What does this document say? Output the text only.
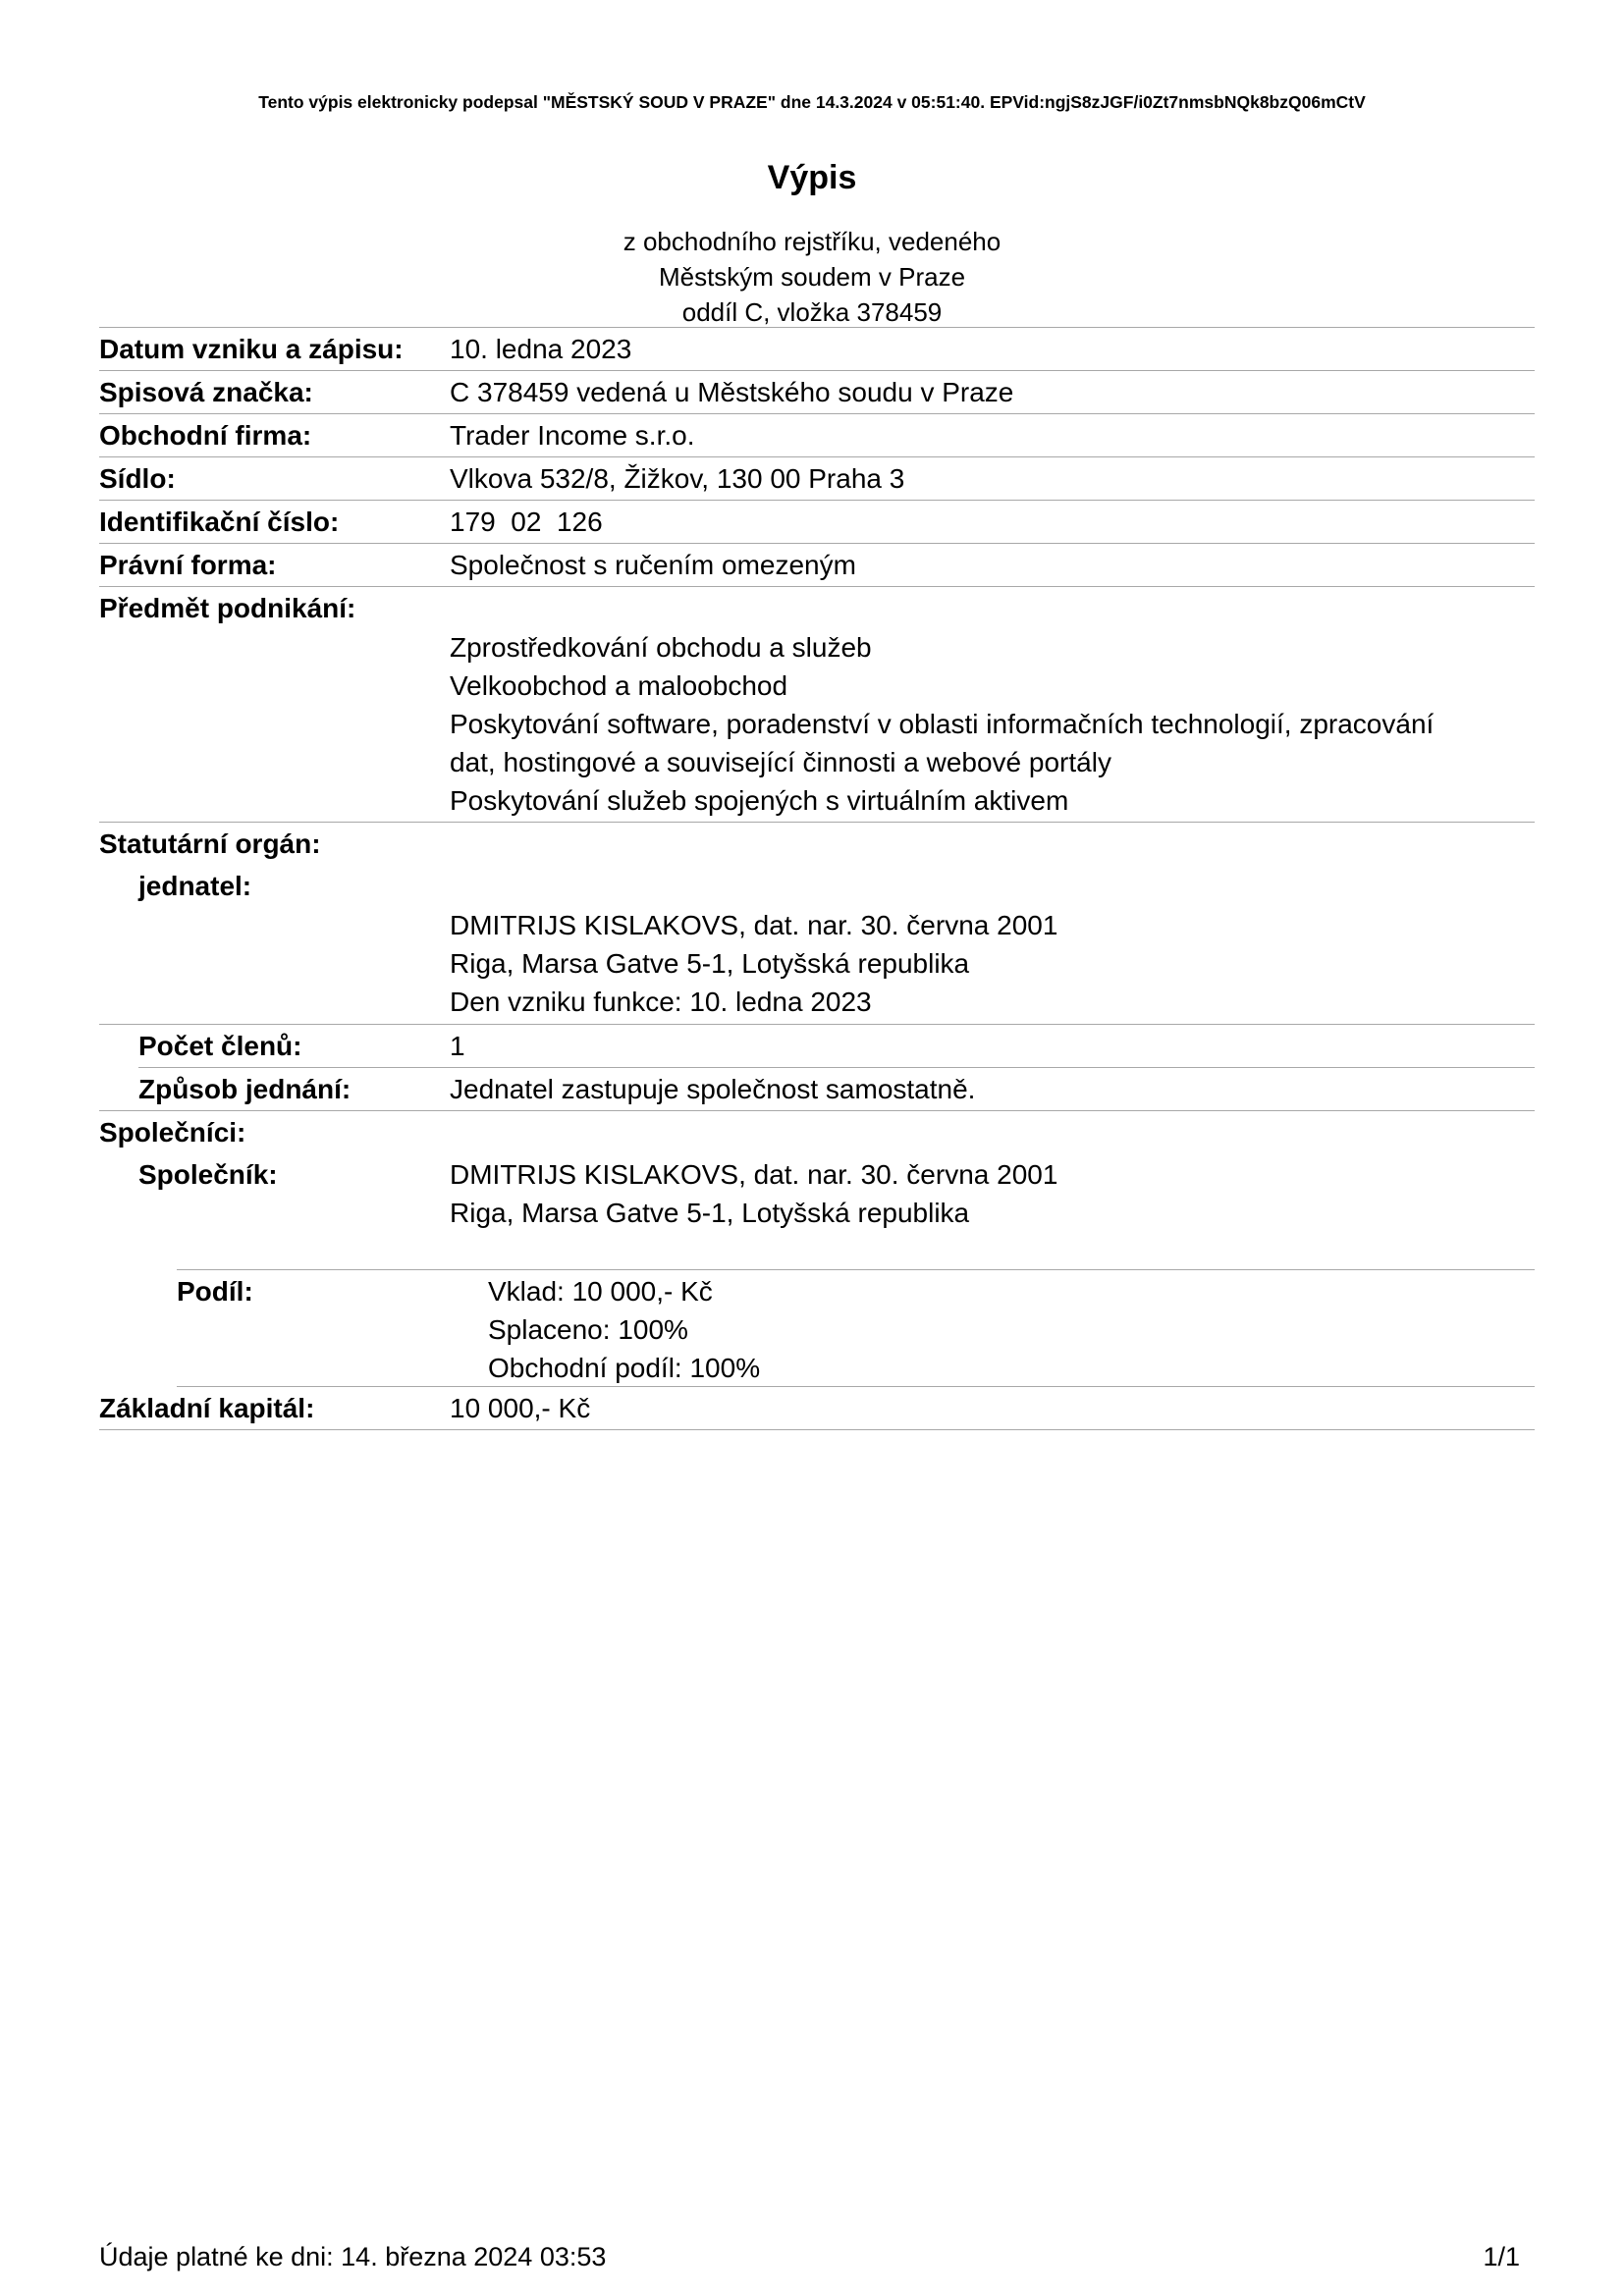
Tento výpis elektronicky podepsal "MĚSTSKÝ SOUD V PRAZE" dne 14.3.2024 v 05:51:40. EPVid:ngjS8zJGF/i0Zt7nmsbNQk8bzQ06mCtV
Výpis
z obchodního rejstříku, vedeného
Městským soudem v Praze
oddíl C, vložka 378459
Datum vzniku a zápisu: 10. ledna 2023
Spisová značka:	C 378459 vedená u Městského soudu v Praze
Obchodní firma:	Trader Income s.r.o.
Sídlo:	Vlkova 532/8, Žižkov, 130 00 Praha 3
Identifikační číslo:	179  02  126
Právní forma:	Společnost s ručením omezeným
Předmět podnikání:
Zprostředkování obchodu a služeb
Velkoobchod a maloobchod
Poskytování software, poradenství v oblasti informačních technologií, zpracování
dat, hostingové a související činnosti a webové portály
Poskytování služeb spojených s virtuálním aktivem
Statutární orgán:
jednatel:
DMITRIJS KISLAKOVS, dat. nar. 30. června 2001
Riga, Marsa Gatve 5-1, Lotyšská republika
Den vzniku funkce: 10. ledna 2023
Počet členů:	1
Způsob jednání:	Jednatel zastupuje společnost samostatně.
Společníci:
Společník:	DMITRIJS KISLAKOVS, dat. nar. 30. června 2001
Riga, Marsa Gatve 5-1, Lotyšská republika
Podíl:	Vklad: 10 000,- Kč
Splaceno: 100%
Obchodní podíl: 100%
Základní kapitál:	10 000,- Kč
Údaje platné ke dni: 14. března 2024 03:53	1/1
